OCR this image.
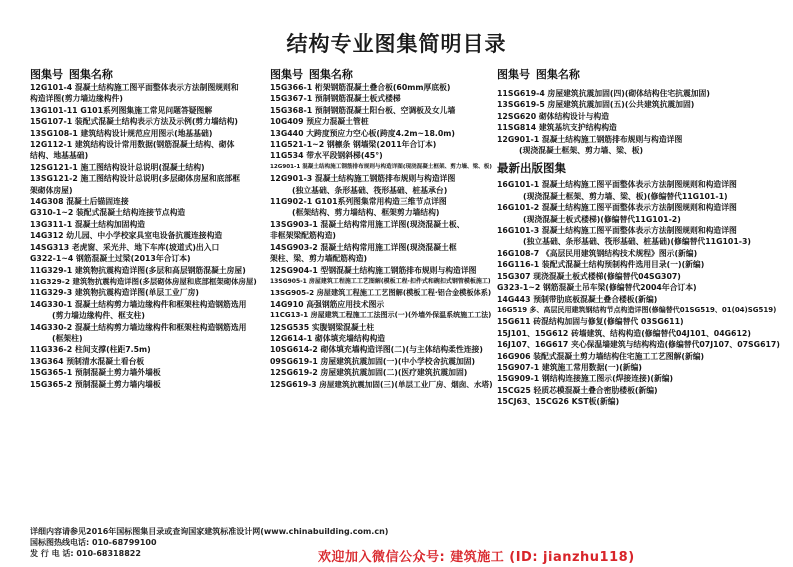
结构专业图集简明目录
图集号 图集名称
12G101-4 混凝土结构施工图平面整体表示方法制图规则和
构造详图(剪力墙边缘构件)
13G101-11 G101系列图集施工常见问题答疑图解
15G107-1 装配式混凝土结构表示方法及示例(剪力墙结构)
13SG108-1 建筑结构设计规范应用图示(地基基础)
12G112-1 建筑结构设计常用数据(钢筋混凝土结构、砌体
结构、地基基础)
12SG121-1 施工图结构设计总说明(混凝土结构)
13SG121-2 施工图结构设计总说明(多层砌体房屋和底部框
架砌体房屋)
14G308 混凝土后锚固连接
G310-1~2 装配式混凝土结构连接节点构造
13G311-1 混凝土结构加固构造
14G312 幼儿园、中小学校家具室电设备抗震连接构造
14SG313 老虎窗、采光井、地下车库(坡道式)出入口
G322-1~4 钢筋混凝土过梁(2013年合订本)
11G329-1 建筑物抗震构造详图(多层和高层钢筋混凝土房屋)
11G329-2 建筑物抗震构造详图(多层砌体房屋和底部框架砌体房屋)
11G329-3 建筑物抗震构造详图(单层工业厂房)
14G330-1 混凝土结构剪力墙边缘构件和框架柱构造钢筋选用
(剪力墙边缘构件、框支柱)
14G330-2 混凝土结构剪力墙边缘构件和框架柱构造钢筋选用
(框架柱)
11G336-2 柱间支撑(柱距7.5m)
13G364 预制清水混凝土看台板
15G365-1 预制混凝土剪力墙外墙板
15G365-2 预制混凝土剪力墙内墙板
图集号 图集名称
15G366-1 桁架钢筋混凝土叠合板(60mm厚底板)
15G367-1 预制钢筋混凝土板式楼梯
15G368-1 预制钢筋混凝土阳台板、空调板及女儿墙
10G409 预应力混凝土管桩
13G440 大跨度预应力空心板(跨度4.2m~18.0m)
11G521-1~2 钢檩条 钢墙梁(2011年合订本)
11G534 带水平段钢斜梯(45°)
12G901-1 混凝土结构施工钢筋排布规则与构造详图(现浇混凝土框架、剪力墙、梁、板)
12G901-3 混凝土结构施工钢筋排布规则与构造详图
(独立基础、条形基础、筏形基础、桩基承台)
11G902-1 G101系列图集常用构造三维节点详图
(框架结构、剪力墙结构、框架剪力墙结构)
13SG903-1 混凝土结构常用施工详图(现浇混凝土板、
非框架梁配筋构造)
14SG903-2 混凝土结构常用施工详图(现浇混凝土框
架柱、梁、剪力墙配筋构造)
12SG904-1 型钢混凝土结构施工钢筋排布规则与构造详图
13SG905-1 房屋建筑工程施工工艺图解(模板工程·扣件式和碗扣式钢管模板施工)
13SG905-2 房屋建筑工程施工工艺图解(模板工程·铝合金模板体系)
14G910 高强钢筋应用技术图示
11CG13-1 房屋建筑工程施工工法图示(一)(外墙外保温系统施工工法)
12SG535 实腹钢梁混凝土柱
12G614-1 砌体填充墙结构构造
10SG614-2 砌体填充墙构造详图(二)(与主体结构柔性连接)
09SG619-1 房屋建筑抗震加固(一)(中小学校舍抗震加固)
12SG619-2 房屋建筑抗震加固(二)(医疗建筑抗震加固)
12SG619-3 房屋建筑抗震加固(三)(单层工业厂房、烟囱、水塔)
图集号 图集名称
11SG619-4 房屋建筑抗震加固(四)(砌体结构住宅抗震加固)
13SG619-5 房屋建筑抗震加固(五)(公共建筑抗震加固)
12SG620 砌体结构设计与构造
11SG814 建筑基坑支护结构构造
12G901-1 混凝土结构施工钢筋排布规则与构造详图
(现浇混凝土框架、剪力墙、梁、板)
最新出版图集
16G101-1 混凝土结构施工图平面整体表示方法制图规则和构造详图
(现浇混凝土框架、剪力墙、梁、板)(修编替代11G101-1)
16G101-2 混凝土结构施工图平面整体表示方法制图规则和构造详图
(现浇混凝土板式楼梯)(修编替代11G101-2)
16G101-3 混凝土结构施工图平面整体表示方法制图规则和构造详图
(独立基础、条形基础、筏形基础、桩基础)(修编替代11G101-3)
16G108-7 《高层民用建筑钢结构技术规程》图示(新编)
16G116-1 装配式混凝土结构预制构件选用目录(一)(新编)
15G307 现浇混凝土板式楼梯(修编替代04SG307)
G323-1~2 钢筋混凝土吊车梁(修编替代2004年合订本)
14G443 预制带肋底板混凝土叠合楼板(新编)
16G519 多、高层民用建筑钢结构节点构造详图(修编替代01SG519、01(04)SG519)
15G611 砖混结构加固与修复(修编替代 03SG611)
15J101、15G612 砖墙建筑、结构构造(修编替代04J101、04G612)
16J107、16G617 夹心保温墙建筑与结构构造(修编替代07J107、07SG617)
16G906 装配式混凝土剪力墙结构住宅施工工艺图解(新编)
15G907-1 建筑施工常用数据(一)(新编)
15G909-1 钢结构连接施工图示(焊接连接)(新编)
15CG25 轻质芯模混凝土叠合密肋楼板(新编)
15CJ63、15CG26 KST板(新编)
详细内容请参见2016年国标图集目录或查询国家建筑标准设计网(www.chinabuilding.com.cn)
国标图热线电话: 010-68799100
发 行 电 话: 010-68318822	欢迎加入微信公众号: 建筑施工 (ID: jianzhu118)
